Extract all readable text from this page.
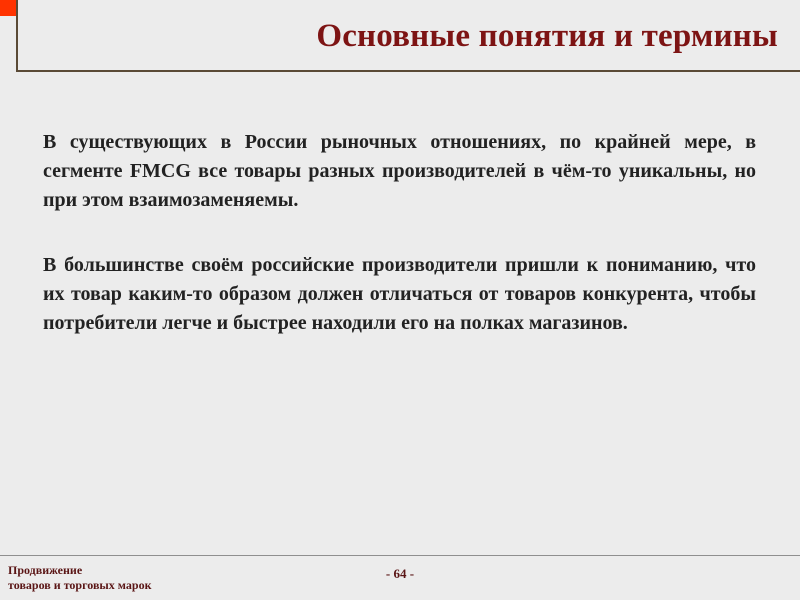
Основные понятия и термины

В существующих в России рыночных отношениях, по крайней мере, в сегменте FMCG все товары разных производителей в чём-то уникальны, но при этом взаимозаменяемы.

В большинстве своём российские производители пришли к пониманию, что их товар каким-то образом должен отличаться от товаров конкурента, чтобы потребители легче и быстрее находили его на полках магазинов.

Продвижение
товаров и торговых марок
- 64 -
